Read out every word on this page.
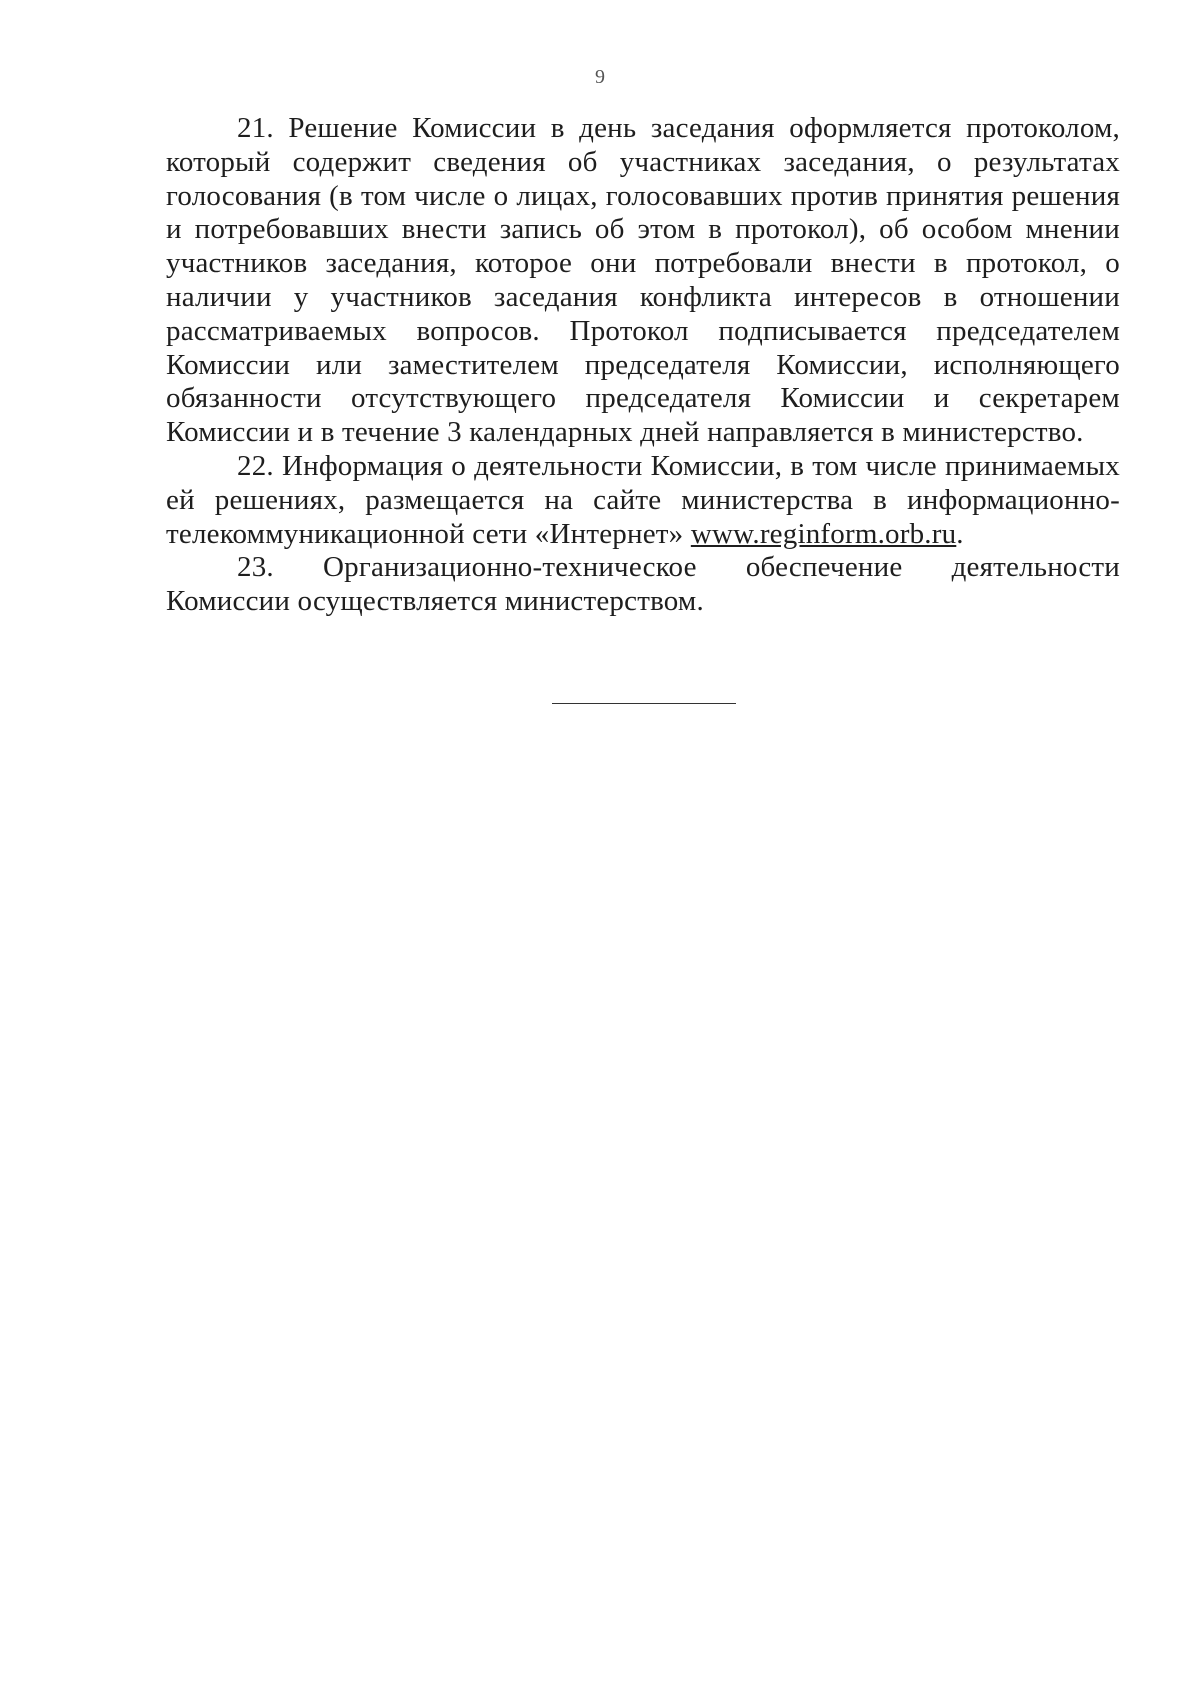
9

21. Решение Комиссии в день заседания оформляется протоколом, который содержит сведения об участниках заседания, о результатах голосования (в том числе о лицах, голосовавших против принятия решения и потребовавших внести запись об этом в протокол), об особом мнении участников заседания, которое они потребовали внести в протокол, о наличии у участников заседания конфликта интересов в отношении рассматриваемых вопросов. Протокол подписывается председателем Комиссии или заместителем председателя Комиссии, исполняющего обязанности отсутствующего председателя Комиссии и секретарем Комиссии и в течение 3 календарных дней направляется в министерство.

22. Информация о деятельности Комиссии, в том числе принимаемых ей решениях, размещается на сайте министерства в информационно-телекоммуникационной сети «Интернет» www.reginform.orb.ru.

23. Организационно-техническое обеспечение деятельности Комиссии осуществляется министерством.
